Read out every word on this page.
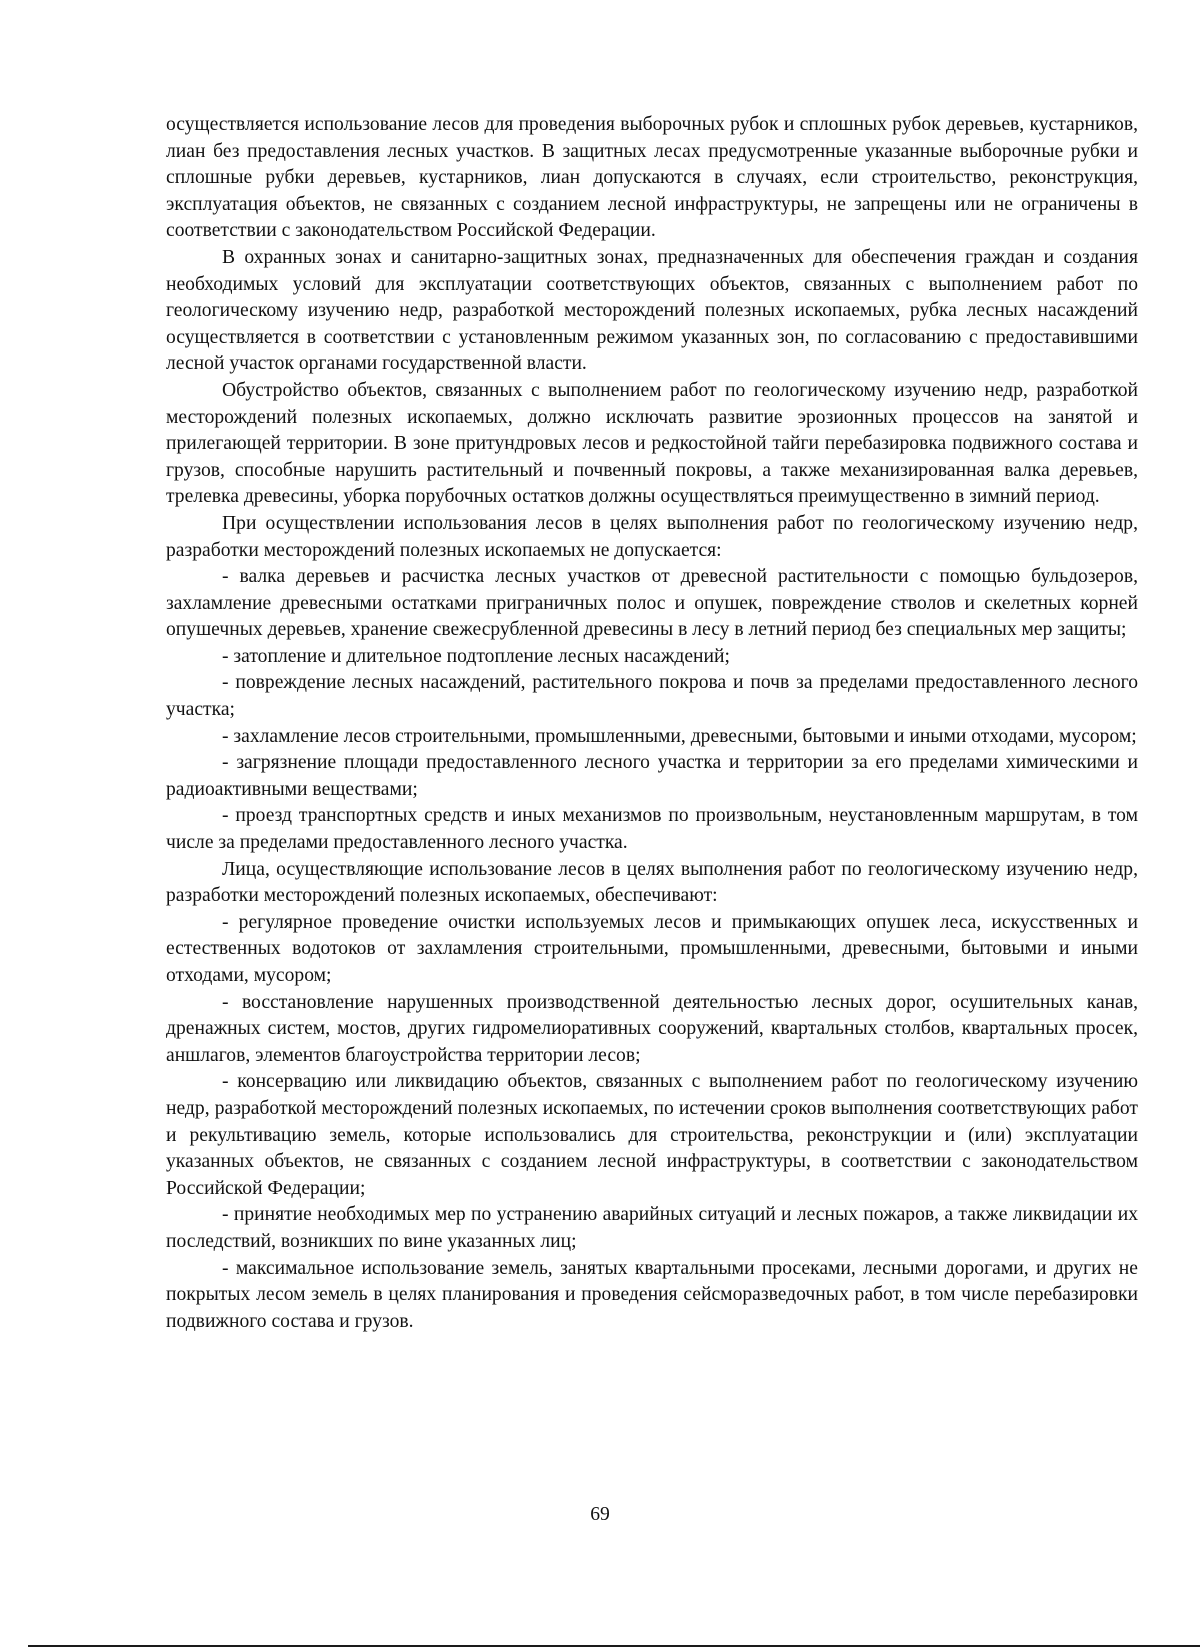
осуществляется использование лесов для проведения выборочных рубок и сплошных рубок деревьев, кустарников, лиан без предоставления лесных участков. В защитных лесах предусмотренные указанные выборочные рубки и сплошные рубки деревьев, кустарников, лиан допускаются в случаях, если строительство, реконструкция, эксплуатация объектов, не связанных с созданием лесной инфраструктуры, не запрещены или не ограничены в соответствии с законодательством Российской Федерации.

В охранных зонах и санитарно-защитных зонах, предназначенных для обеспечения граждан и создания необходимых условий для эксплуатации соответствующих объектов, связанных с выполнением работ по геологическому изучению недр, разработкой месторождений полезных ископаемых, рубка лесных насаждений осуществляется в соответствии с установленным режимом указанных зон, по согласованию с предоставившими лесной участок органами государственной власти.

Обустройство объектов, связанных с выполнением работ по геологическому изучению недр, разработкой месторождений полезных ископаемых, должно исключать развитие эрозионных процессов на занятой и прилегающей территории. В зоне притундровых лесов и редкостойной тайги перебазировка подвижного состава и грузов, способные нарушить растительный и почвенный покровы, а также механизированная валка деревьев, трелевка древесины, уборка порубочных остатков должны осуществляться преимущественно в зимний период.

При осуществлении использования лесов в целях выполнения работ по геологическому изучению недр, разработки месторождений полезных ископаемых не допускается:

- валка деревьев и расчистка лесных участков от древесной растительности с помощью бульдозеров, захламление древесными остатками приграничных полос и опушек, повреждение стволов и скелетных корней опушечных деревьев, хранение свежесрубленной древесины в лесу в летний период без специальных мер защиты;

- затопление и длительное подтопление лесных насаждений;

- повреждение лесных насаждений, растительного покрова и почв за пределами предоставленного лесного участка;

- захламление лесов строительными, промышленными, древесными, бытовыми и иными отходами, мусором;

- загрязнение площади предоставленного лесного участка и территории за его пределами химическими и радиоактивными веществами;

- проезд транспортных средств и иных механизмов по произвольным, неустановленным маршрутам, в том числе за пределами предоставленного лесного участка.

Лица, осуществляющие использование лесов в целях выполнения работ по геологическому изучению недр, разработки месторождений полезных ископаемых, обеспечивают:

- регулярное проведение очистки используемых лесов и примыкающих опушек леса, искусственных и естественных водотоков от захламления строительными, промышленными, древесными, бытовыми и иными отходами, мусором;

- восстановление нарушенных производственной деятельностью лесных дорог, осушительных канав, дренажных систем, мостов, других гидромелиоративных сооружений, квартальных столбов, квартальных просек, аншлагов, элементов благоустройства территории лесов;

- консервацию или ликвидацию объектов, связанных с выполнением работ по геологическому изучению недр, разработкой месторождений полезных ископаемых, по истечении сроков выполнения соответствующих работ и рекультивацию земель, которые использовались для строительства, реконструкции и (или) эксплуатации указанных объектов, не связанных с созданием лесной инфраструктуры, в соответствии с законодательством Российской Федерации;

- принятие необходимых мер по устранению аварийных ситуаций и лесных пожаров, а также ликвидации их последствий, возникших по вине указанных лиц;

- максимальное использование земель, занятых квартальными просеками, лесными дорогами, и других не покрытых лесом земель в целях планирования и проведения сейсморазведочных работ, в том числе перебазировки подвижного состава и грузов.

69
